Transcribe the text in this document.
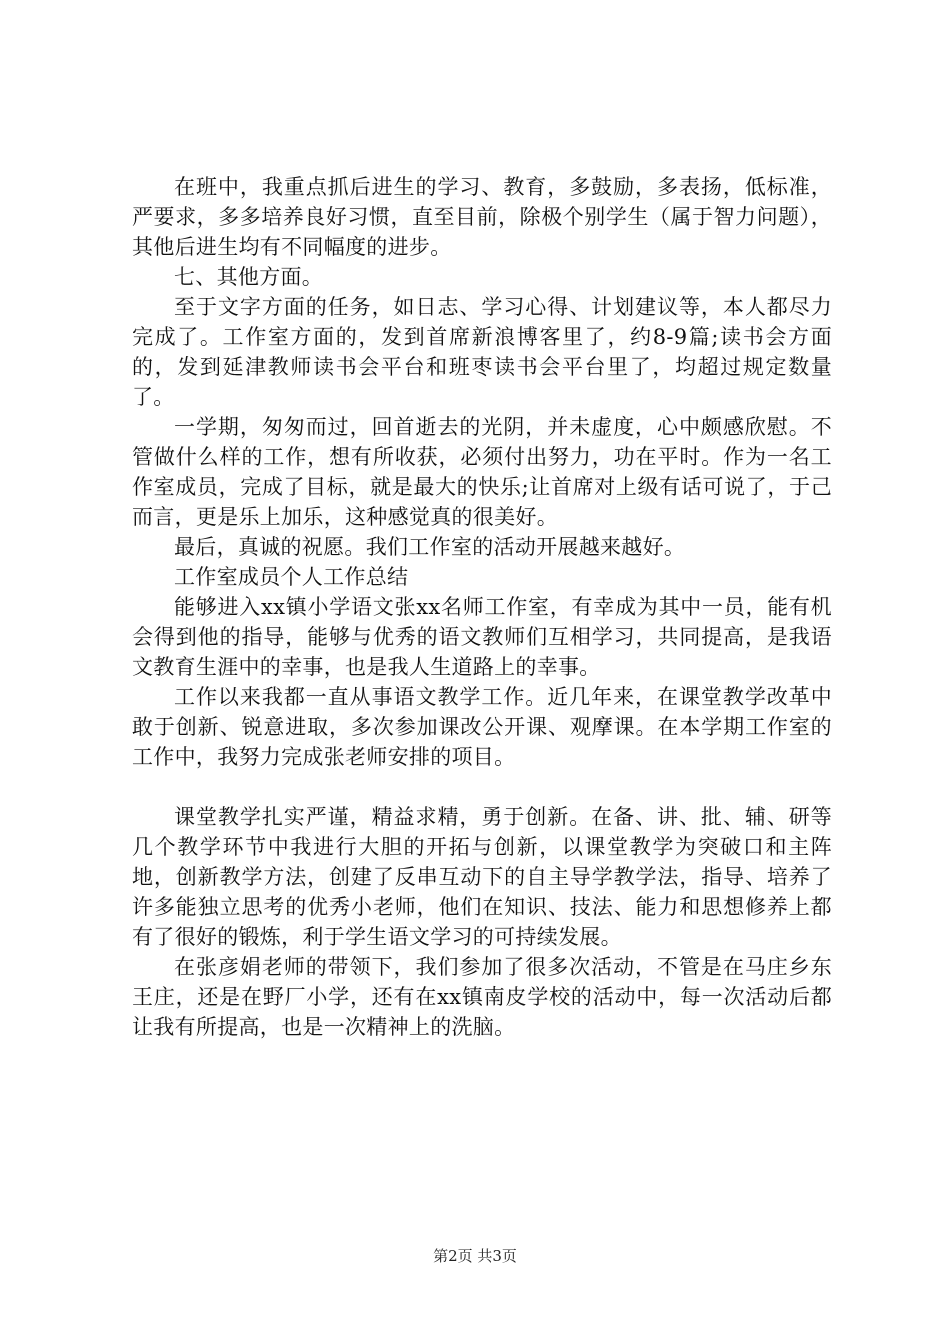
在班中，我重点抓后进生的学习、教育，多鼓励，多表扬，低标准，严要求，多多培养良好习惯，直至目前，除极个别学生（属于智力问题），其他后进生均有不同幅度的进步。

七、其他方面。

至于文字方面的任务，如日志、学习心得、计划建议等，本人都尽力完成了。工作室方面的，发到首席新浪博客里了，约8-9篇;读书会方面的，发到延津教师读书会平台和班枣读书会平台里了，均超过规定数量了。

一学期，匆匆而过，回首逝去的光阴，并未虚度，心中颇感欣慰。不管做什么样的工作，想有所收获，必须付出努力，功在平时。作为一名工作室成员，完成了目标，就是最大的快乐;让首席对上级有话可说了，于己而言，更是乐上加乐，这种感觉真的很美好。

最后，真诚的祝愿。我们工作室的活动开展越来越好。

工作室成员个人工作总结

能够进入xx镇小学语文张xx名师工作室，有幸成为其中一员，能有机会得到他的指导，能够与优秀的语文教师们互相学习，共同提高，是我语文教育生涯中的幸事，也是我人生道路上的幸事。

工作以来我都一直从事语文教学工作。近几年来，在课堂教学改革中敢于创新、锐意进取，多次参加课改公开课、观摩课。在本学期工作室的工作中，我努力完成张老师安排的项目。

课堂教学扎实严谨，精益求精，勇于创新。在备、讲、批、辅、研等几个教学环节中我进行大胆的开拓与创新，以课堂教学为突破口和主阵地，创新教学方法，创建了反串互动下的自主导学教学法，指导、培养了许多能独立思考的优秀小老师，他们在知识、技法、能力和思想修养上都有了很好的锻炼，利于学生语文学习的可持续发展。

在张彦娟老师的带领下，我们参加了很多次活动，不管是在马庄乡东王庄，还是在野厂小学，还有在xx镇南皮学校的活动中，每一次活动后都让我有所提高，也是一次精神上的洗脑。

第2页 共3页
